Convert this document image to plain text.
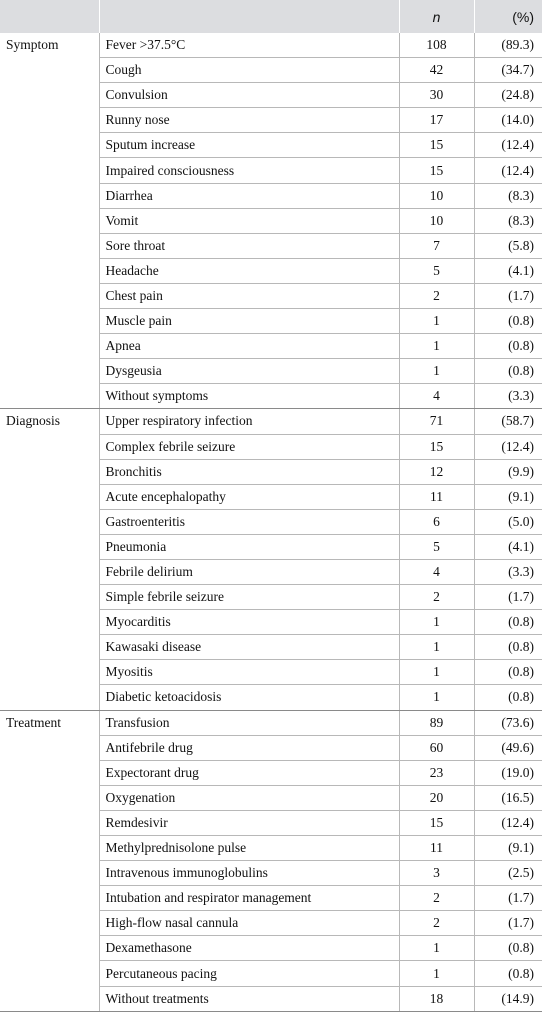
		n	(%)
Symptom	Fever >37.5°C	108	(89.3)
	Cough	42	(34.7)
	Convulsion	30	(24.8)
	Runny nose	17	(14.0)
	Sputum increase	15	(12.4)
	Impaired consciousness	15	(12.4)
	Diarrhea	10	(8.3)
	Vomit	10	(8.3)
	Sore throat	7	(5.8)
	Headache	5	(4.1)
	Chest pain	2	(1.7)
	Muscle pain	1	(0.8)
	Apnea	1	(0.8)
	Dysgeusia	1	(0.8)
	Without symptoms	4	(3.3)
Diagnosis	Upper respiratory infection	71	(58.7)
	Complex febrile seizure	15	(12.4)
	Bronchitis	12	(9.9)
	Acute encephalopathy	11	(9.1)
	Gastroenteritis	6	(5.0)
	Pneumonia	5	(4.1)
	Febrile delirium	4	(3.3)
	Simple febrile seizure	2	(1.7)
	Myocarditis	1	(0.8)
	Kawasaki disease	1	(0.8)
	Myositis	1	(0.8)
	Diabetic ketoacidosis	1	(0.8)
Treatment	Transfusion	89	(73.6)
	Antifebrile drug	60	(49.6)
	Expectorant drug	23	(19.0)
	Oxygenation	20	(16.5)
	Remdesivir	15	(12.4)
	Methylprednisolone pulse	11	(9.1)
	Intravenous immunoglobulins	3	(2.5)
	Intubation and respirator management	2	(1.7)
	High-flow nasal cannula	2	(1.7)
	Dexamethasone	1	(0.8)
	Percutaneous pacing	1	(0.8)
	Without treatments	18	(14.9)
